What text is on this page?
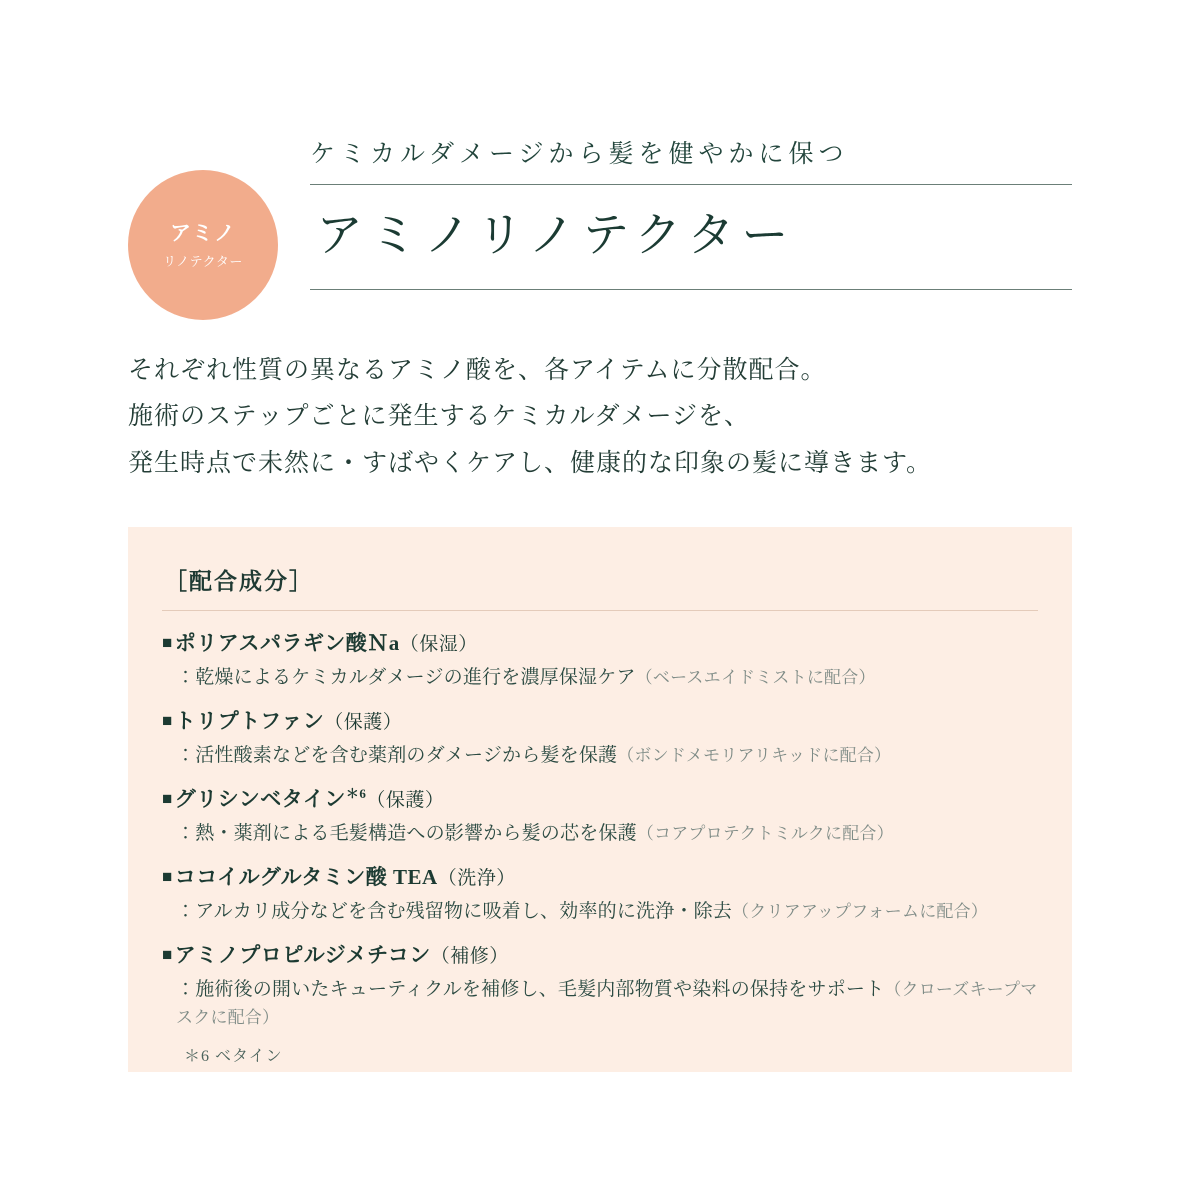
アミノ
リノテクター
ケミカルダメージから髪を健やかに保つ
アミノリノテクター
それぞれ性質の異なるアミノ酸を、各アイテムに分散配合。
施術のステップごとに発生するケミカルダメージを、
発生時点で未然に・すばやくケアし、健康的な印象の髪に導きます。
［配合成分］
■ポリアスパラギン酸Ｎa（保湿）
：乾燥によるケミカルダメージの進行を濃厚保湿ケア（ベースエイドミストに配合）
■トリプトファン（保護）
：活性酸素などを含む薬剤のダメージから髪を保護（ボンドメモリアリキッドに配合）
■グリシンベタイン$^{*6}$（保護）
：熱・薬剤による毛髪構造への影響から髪の芯を保護（コアプロテクトミルクに配合）
■ココイルグルタミン酸 TEA（洗浄）
：アルカリ成分などを含む残留物に吸着し、効率的に洗浄・除去（クリアアップフォームに配合）
■アミノプロピルジメチコン（補修）
：施術後の開いたキューティクルを補修し、毛髪内部物質や染料の保持をサポート（クローズキープマスクに配合）
＊6 ベタイン
